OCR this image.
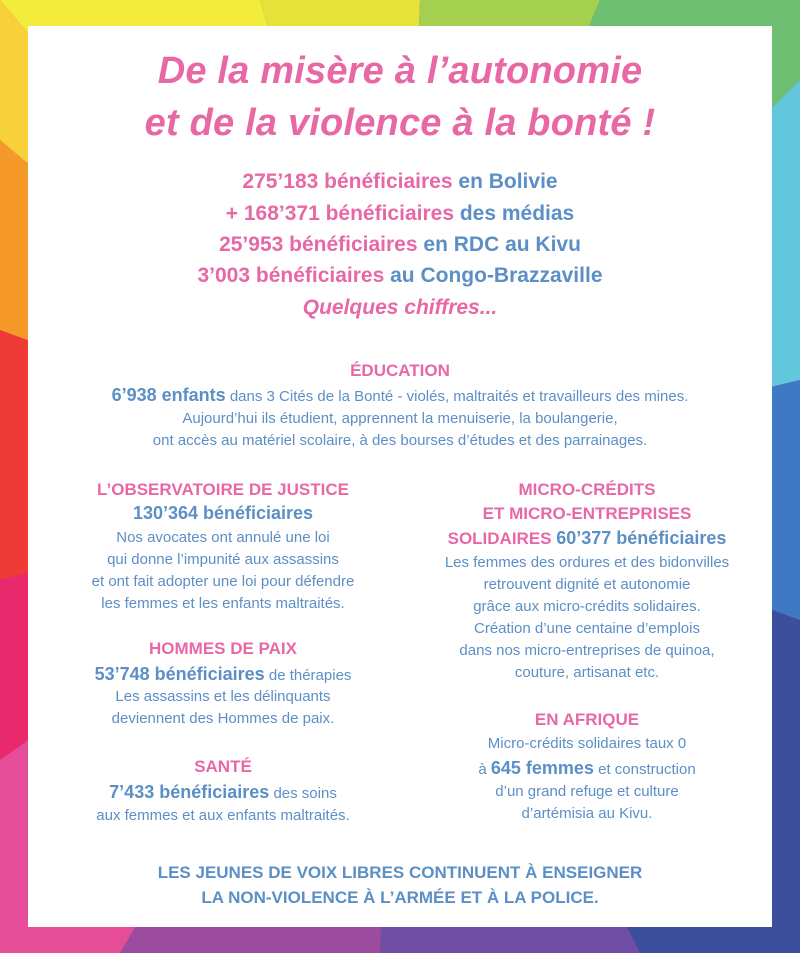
De la misère à l’autonomie
et de la violence à la bonté !
275’183 bénéficiaires en Bolivie
+ 168’371 bénéficiaires des médias
25’953 bénéficiaires en RDC au Kivu
3’003 bénéficiaires au Congo-Brazzaville
Quelques chiffres...
ÉDUCATION
6’938 enfants dans 3 Cités de la Bonté - violés, maltraités et travailleurs des mines.
Aujourd’hui ils étudient, apprennent la menuiserie, la boulangerie,
ont accès au matériel scolaire, à des bourses d’études et des parrainages.
L’OBSERVATOIRE DE JUSTICE
130’364 bénéficiaires
Nos avocates ont annulé une loi
qui donne l’impunité aux assassins
et ont fait adopter une loi pour défendre
les femmes et les enfants maltraités.
HOMMES DE PAIX
53’748 bénéficiaires de thérapies
Les assassins et les délinquants
deviennent des Hommes de paix.
SANTÉ
7’433 bénéficiaires des soins
aux femmes et aux enfants maltraités.
MICRO-CRÉDITS
ET MICRO-ENTREPRISES
SOLIDAIRES 60’377 bénéficiaires
Les femmes des ordures et des bidonvilles
retrouvent dignité et autonomie
grâce aux micro-crédits solidaires.
Création d’une centaine d’emplois
dans nos micro-entreprises de quinoa,
couture, artisanat etc.
EN AFRIQUE
Micro-crédits solidaires taux 0
à 645 femmes et construction
d’un grand refuge et culture
d’artémisia au Kivu.
LES JEUNES DE VOIX LIBRES CONTINUENT À ENSEIGNER
LA NON-VIOLENCE À L’ARMÉE ET À LA POLICE.
